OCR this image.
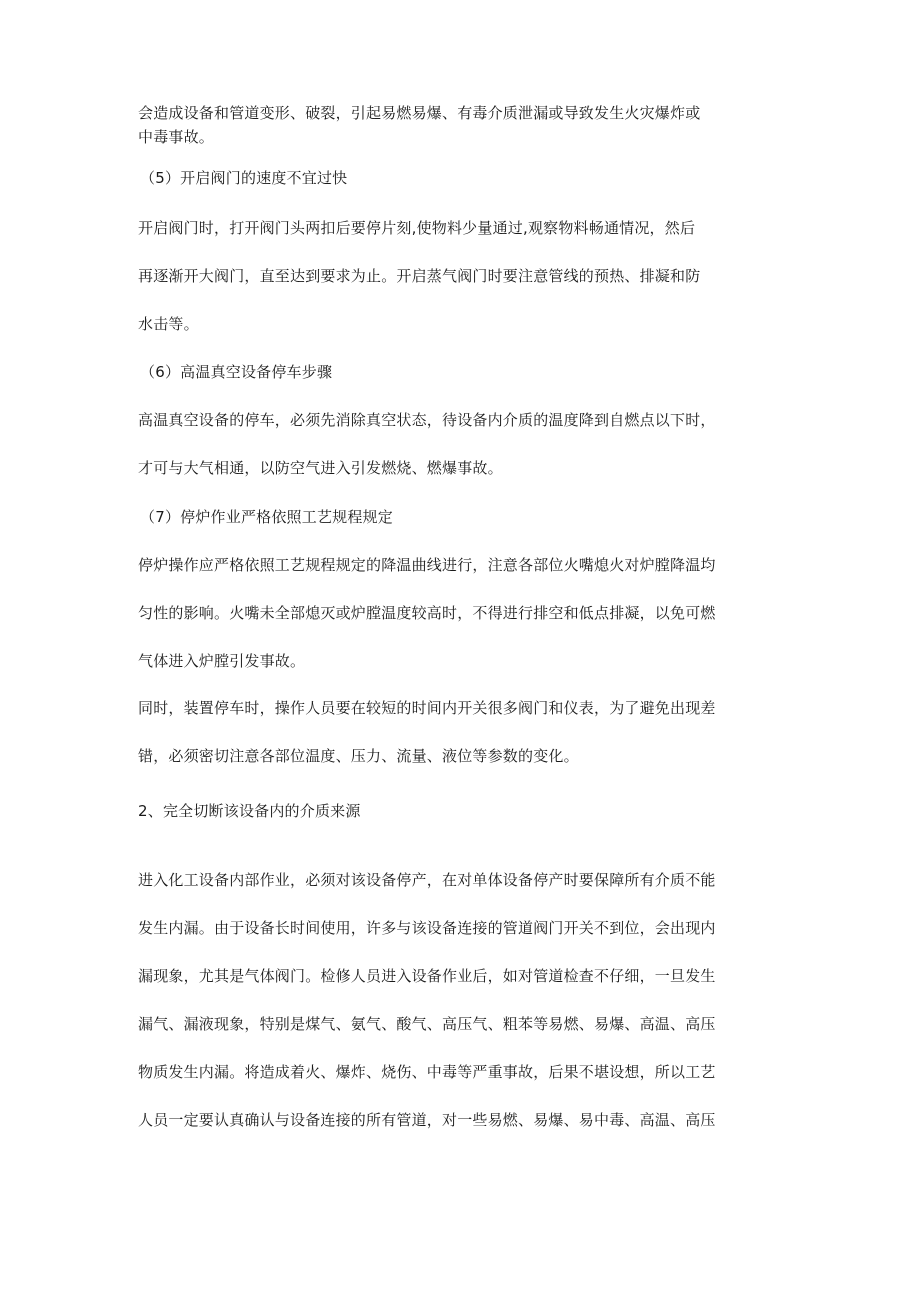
会造成设备和管道变形、破裂，引起易燃易爆、有毒介质泄漏或导致发生火灾爆炸或

中毒事故。

（5）开启阀门的速度不宜过快

开启阀门时，打开阀门头两扣后要停片刻,使物料少量通过,观察物料畅通情况，然后

再逐渐开大阀门，直至达到要求为止。开启蒸气阀门时要注意管线的预热、排凝和防

水击等。

（6）高温真空设备停车步骤

高温真空设备的停车，必须先消除真空状态，待设备内介质的温度降到自燃点以下时，

才可与大气相通，以防空气进入引发燃烧、燃爆事故。

（7）停炉作业严格依照工艺规程规定

停炉操作应严格依照工艺规程规定的降温曲线进行，注意各部位火嘴熄火对炉膛降温均

匀性的影响。火嘴未全部熄灭或炉膛温度较高时，不得进行排空和低点排凝，以免可燃

气体进入炉膛引发事故。

同时，装置停车时，操作人员要在较短的时间内开关很多阀门和仪表，为了避免出现差

错，必须密切注意各部位温度、压力、流量、液位等参数的变化。

2、完全切断该设备内的介质来源

进入化工设备内部作业，必须对该设备停产，在对单体设备停产时要保障所有介质不能

发生内漏。由于设备长时间使用，许多与该设备连接的管道阀门开关不到位，会出现内

漏现象，尤其是气体阀门。检修人员进入设备作业后，如对管道检查不仔细，一旦发生

漏气、漏液现象，特别是煤气、氨气、酸气、高压气、粗苯等易燃、易爆、高温、高压

物质发生内漏。将造成着火、爆炸、烧伤、中毒等严重事故，后果不堪设想，所以工艺

人员一定要认真确认与设备连接的所有管道，对一些易燃、易爆、易中毒、高温、高压
